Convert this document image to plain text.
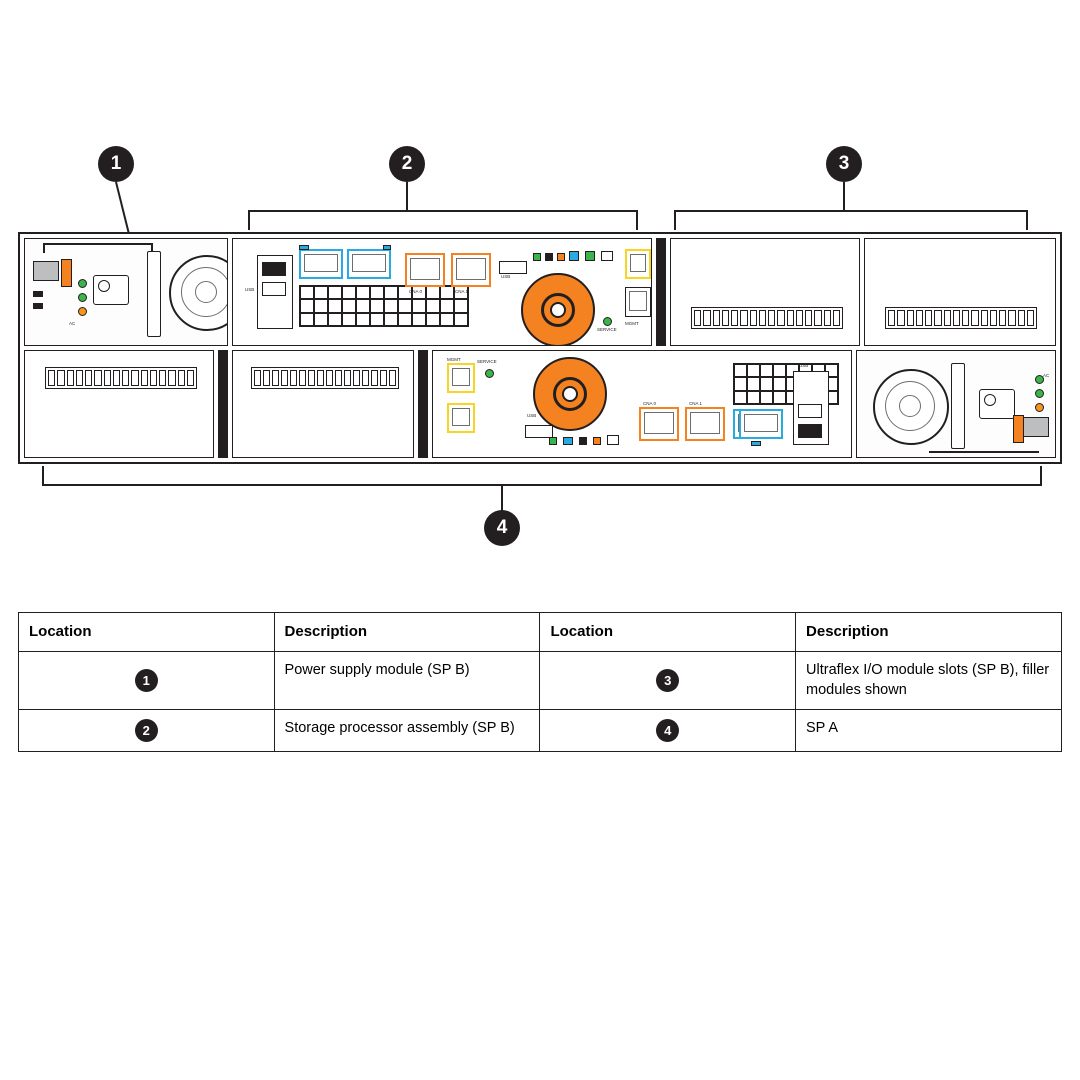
1	2	3
4
AC
USB	CNA 0	CNA 1
USB
SERVICE
MGMT
MGMT	SERVICE
USB
CNA 0	CNA 1
USB
AC
Location	Description	Location	Description
1	Power supply module (SP B)	3	Ultraflex I/O module slots (SP B), filler modules shown
2	Storage processor assembly (SP B)	4	SP A
